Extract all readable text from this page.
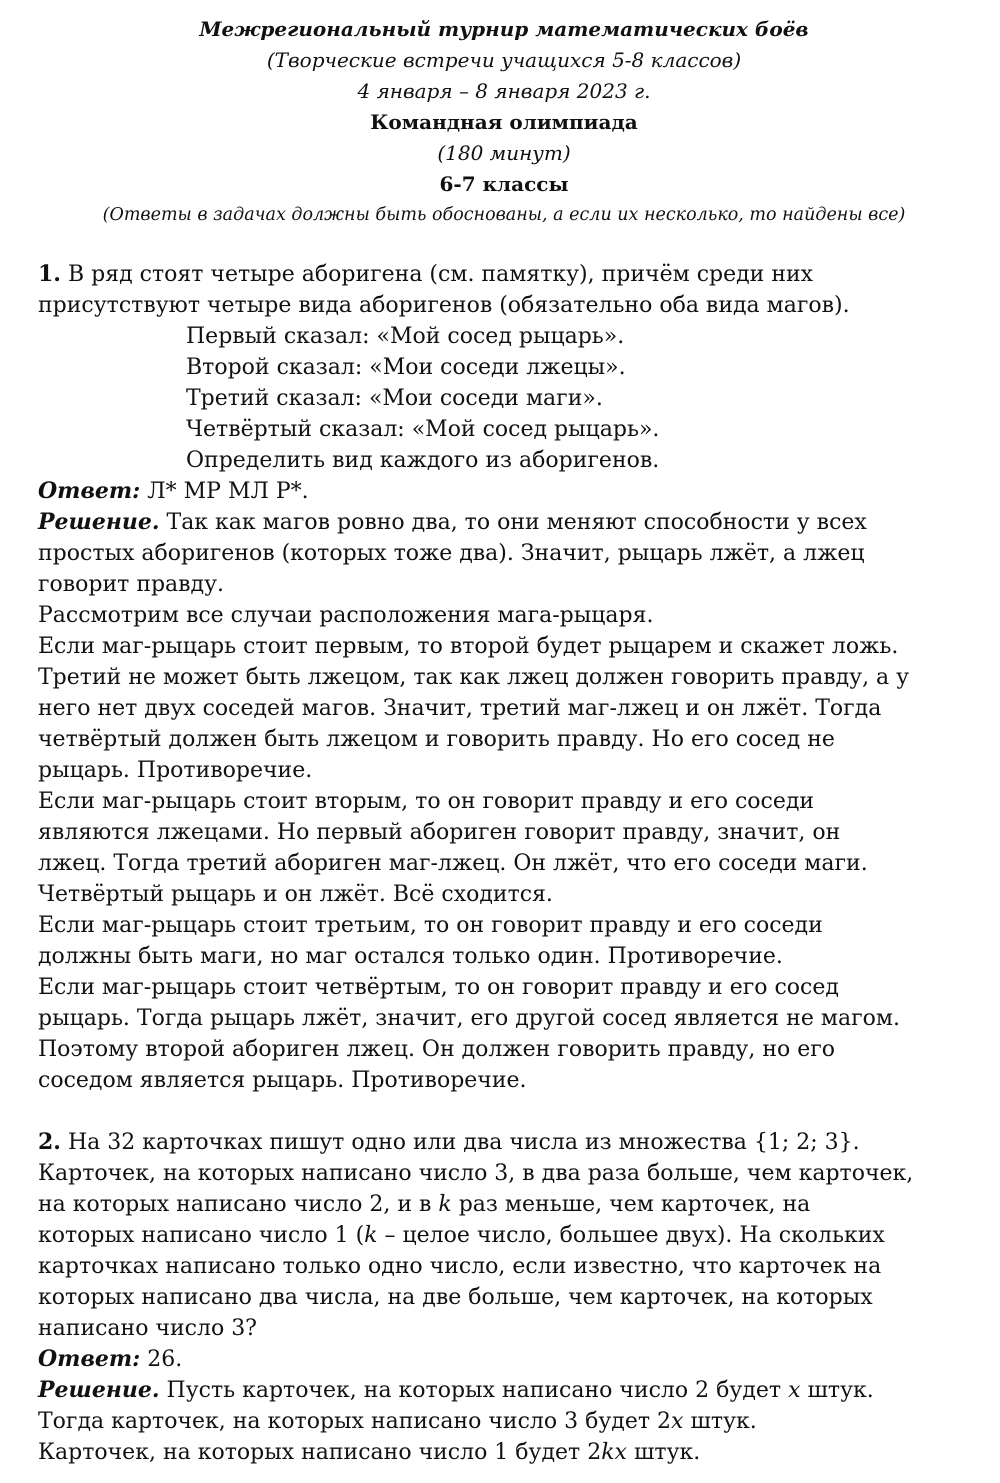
Межрегиональный турнир математических боёв
(Творческие встречи учащихся 5-8 классов)
4 января – 8 января 2023 г.
Командная олимпиада
(180 минут)
6-7 классы
(Ответы в задачах должны быть обоснованы, а если их несколько, то найдены все)
1. В ряд стоят четыре аборигена (см. памятку), причём среди них
присутствуют четыре вида аборигенов (обязательно оба вида магов).
Первый сказал: «Мой сосед рыцарь».
Второй сказал: «Мои соседи лжецы».
Третий сказал: «Мои соседи маги».
Четвёртый сказал: «Мой сосед рыцарь».
Определить вид каждого из аборигенов.
Ответ: Л* МР МЛ Р*.
Решение. Так как магов ровно два, то они меняют способности у всех
простых аборигенов (которых тоже два). Значит, рыцарь лжёт, а лжец
говорит правду.
Рассмотрим все случаи расположения мага-рыцаря.
Если маг-рыцарь стоит первым, то второй будет рыцарем и скажет ложь.
Третий не может быть лжецом, так как лжец должен говорить правду, а у
него нет двух соседей магов. Значит, третий маг-лжец и он лжёт. Тогда
четвёртый должен быть лжецом и говорить правду. Но его сосед не
рыцарь. Противоречие.
Если маг-рыцарь стоит вторым, то он говорит правду и его соседи
являются лжецами. Но первый абориген говорит правду, значит, он
лжец. Тогда третий абориген маг-лжец. Он лжёт, что его соседи маги.
Четвёртый рыцарь и он лжёт. Всё сходится.
Если маг-рыцарь стоит третьим, то он говорит правду и его соседи
должны быть маги, но маг остался только один. Противоречие.
Если маг-рыцарь стоит четвёртым, то он говорит правду и его сосед
рыцарь. Тогда рыцарь лжёт, значит, его другой сосед является не магом.
Поэтому второй абориген лжец. Он должен говорить правду, но его
соседом является рыцарь. Противоречие.
2. На 32 карточках пишут одно или два числа из множества {1; 2; 3}.
Карточек, на которых написано число 3, в два раза больше, чем карточек,
на которых написано число 2, и в k раз меньше, чем карточек, на
которых написано число 1 (k – целое число, большее двух). На скольких
карточках написано только одно число, если известно, что карточек на
которых написано два числа, на две больше, чем карточек, на которых
написано число 3?
Ответ: 26.
Решение. Пусть карточек, на которых написано число 2 будет x штук.
Тогда карточек, на которых написано число 3 будет 2x штук.
Карточек, на которых написано число 1 будет 2kx штук.
